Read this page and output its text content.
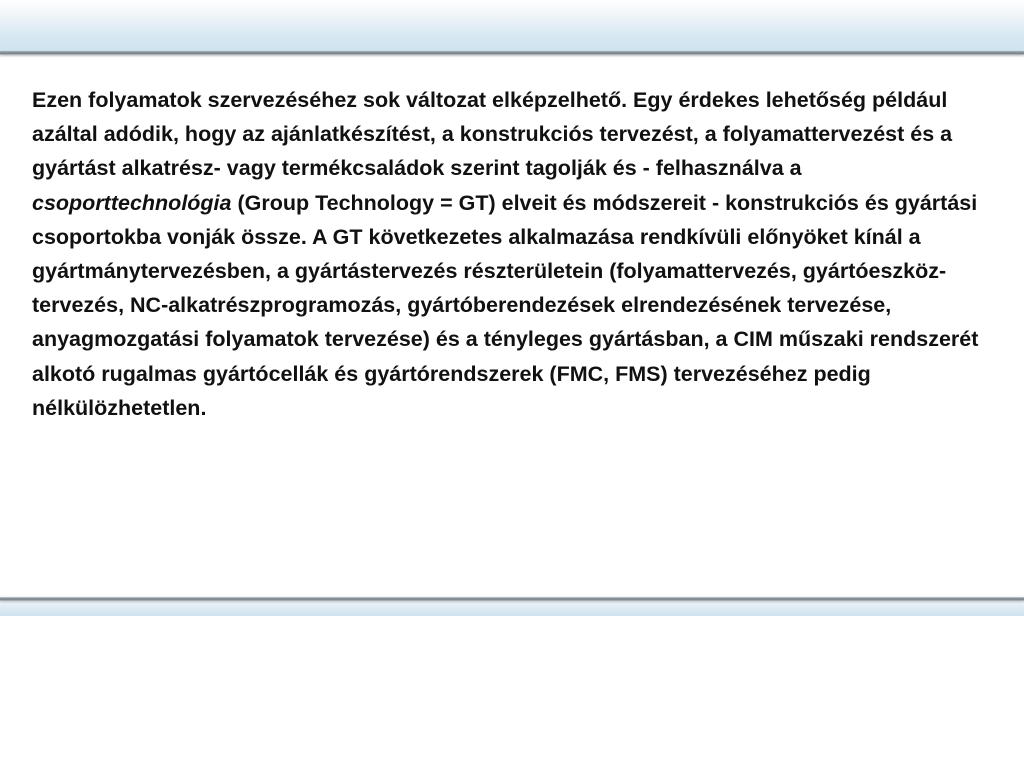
Ezen folyamatok szervezéséhez sok változat elképzelhető. Egy érdekes lehetőség például azáltal adódik, hogy az ajánlatkészítést, a konstrukciós tervezést, a folyamattervezést és a gyártást alkatrész- vagy termékcsaládok szerint tagolják és - felhasználva a csoporttechnológia (Group Technology = GT) elveit és módszereit - konstrukciós és gyártási csoportokba vonják össze. A GT következetes alkalmazása rendkívüli előnyöket kínál a gyártmánytervezésben, a gyártástervezés részterületein (folyamattervezés, gyártóeszköz-tervezés, NC-alkatrészprogramozás, gyártóberendezések elrendezésének tervezése, anyagmozgatási folyamatok tervezése) és a tényleges gyártásban, a CIM műszaki rendszerét alkotó rugalmas gyártócellák és gyártórendszerek (FMC, FMS) tervezéséhez pedig nélkülözhetetlen.
